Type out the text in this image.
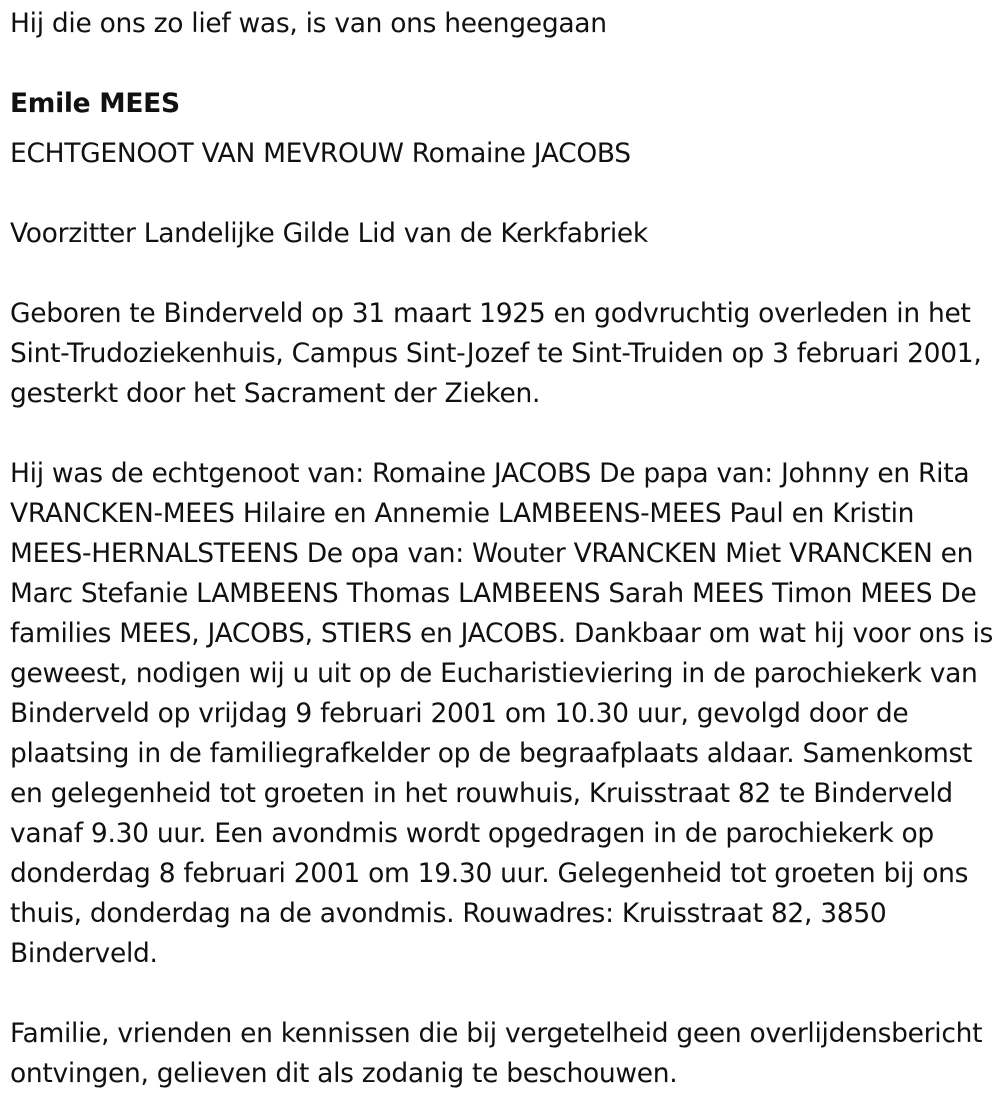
Hij die ons zo lief was, is van ons heengegaan
Emile MEES
ECHTGENOOT VAN MEVROUW Romaine JACOBS
Voorzitter Landelijke Gilde Lid van de Kerkfabriek
Geboren te Binderveld op 31 maart 1925 en godvruchtig overleden in het Sint-Trudoziekenhuis, Campus Sint-Jozef te Sint-Truiden op 3 februari 2001, gesterkt door het Sacrament der Zieken.
Hij was de echtgenoot van: Romaine JACOBS De papa van: Johnny en Rita VRANCKEN-MEES Hilaire en Annemie LAMBEENS-MEES Paul en Kristin MEES-HERNALSTEENS De opa van: Wouter VRANCKEN Miet VRANCKEN en Marc Stefanie LAMBEENS Thomas LAMBEENS Sarah MEES Timon MEES De families MEES, JACOBS, STIERS en JACOBS. Dankbaar om wat hij voor ons is geweest, nodigen wij u uit op de Eucharistieviering in de parochiekerk van Binderveld op vrijdag 9 februari 2001 om 10.30 uur, gevolgd door de plaatsing in de familiegrafkelder op de begraafplaats aldaar. Samenkomst en gelegenheid tot groeten in het rouwhuis, Kruisstraat 82 te Binderveld vanaf 9.30 uur. Een avondmis wordt opgedragen in de parochiekerk op donderdag 8 februari 2001 om 19.30 uur. Gelegenheid tot groeten bij ons thuis, donderdag na de avondmis. Rouwadres: Kruisstraat 82, 3850 Binderveld.
Familie, vrienden en kennissen die bij vergetelheid geen overlijdensbericht ontvingen, gelieven dit als zodanig te beschouwen.
